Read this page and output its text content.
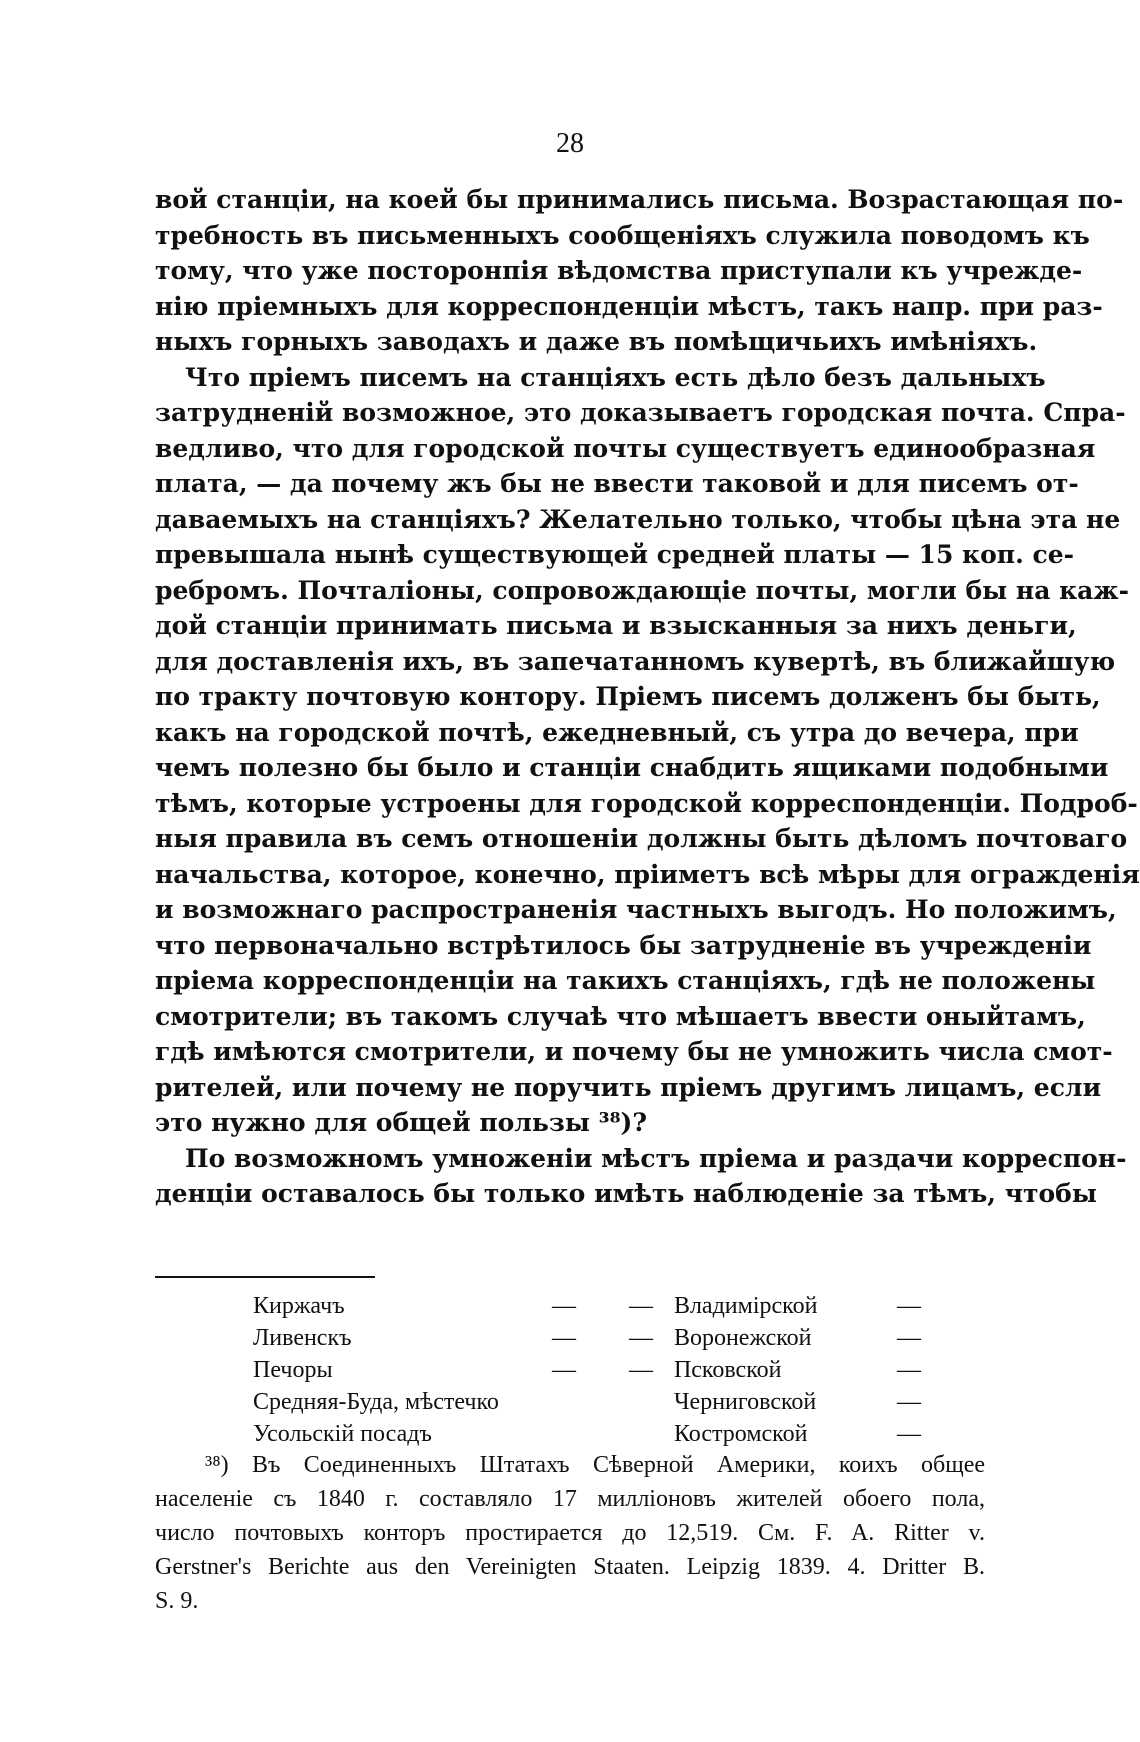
28
вой станціи, на коей бы принимались письма. Возрастающая по-
требность въ письменныхъ сообщеніяхъ служила поводомъ къ
тому, что уже посторонпія вѣдомства приступали къ учрежде-
нію пріемныхъ для корреспонденціи мѣстъ, такъ напр. при раз-
ныхъ горныхъ заводахъ и даже въ помѣщичьихъ имѣніяхъ.
Что пріемъ писемъ на станціяхъ есть дѣло безъ дальныхъ
затрудненій возможное, это доказываетъ городская почта. Спра-
ведливо, что для городской почты существуетъ единообразная
плата, — да почему жъ бы не ввести таковой и для писемъ от-
даваемыхъ на станціяхъ? Желательно только, чтобы цѣна эта не
превышала нынѣ существующей средней платы — 15 коп. се-
ребромъ. Почталіоны, сопровождающіе почты, могли бы на каж-
дой станціи принимать письма и взысканныя за нихъ деньги,
для доставленія ихъ, въ запечатанномъ кувертѣ, въ ближайшую
по тракту почтовую контору. Пріемъ писемъ долженъ бы быть,
какъ на городской почтѣ, ежедневный, съ утра до вечера, при
чемъ полезно бы было и станціи снабдить ящиками подобными
тѣмъ, которые устроены для городской корреспонденціи. Подроб-
ныя правила въ семъ отношеніи должны быть дѣломъ почтоваго
начальства, которое, конечно, пріиметъ всѣ мѣры для огражденія
и возможнаго распространенія частныхъ выгодъ. Но положимъ,
что первоначально встрѣтилось бы затрудненіе въ учрежденіи
пріема корреспонденціи на такихъ станціяхъ, гдѣ не положены
смотрители; въ такомъ случаѣ что мѣшаетъ ввести оныйтамъ,
гдѣ имѣются смотрители, и почему бы не умножить числа смот-
рителей, или почему не поручить пріемъ другимъ лицамъ, если
это нужно для общей пользы ³⁸)?
По возможномъ умноженіи мѣстъ пріема и раздачи корреспон-
денціи оставалось бы только имѣть наблюденіе за тѣмъ, чтобы
Киржачъ	—	—	Владимірской	—
Ливенскъ	—	—	Воронежской	—
Печоры	—	—	Псковской	—
Средняя-Буда, мѣстечко			Черниговской	—
Усольскій посадъ			Костромской	—
³⁸) Въ Соединенныхъ Штатахъ Сѣверной Америки, коихъ общее
населеніе съ 1840 г. составляло 17 милліоновъ жителей обоего пола,
число почтовыхъ конторъ простирается до 12,519. См. F. A. Ritter v.
Gerstner's Berichte aus den Vereinigten Staaten. Leipzig 1839. 4. Dritter B.
S. 9.
